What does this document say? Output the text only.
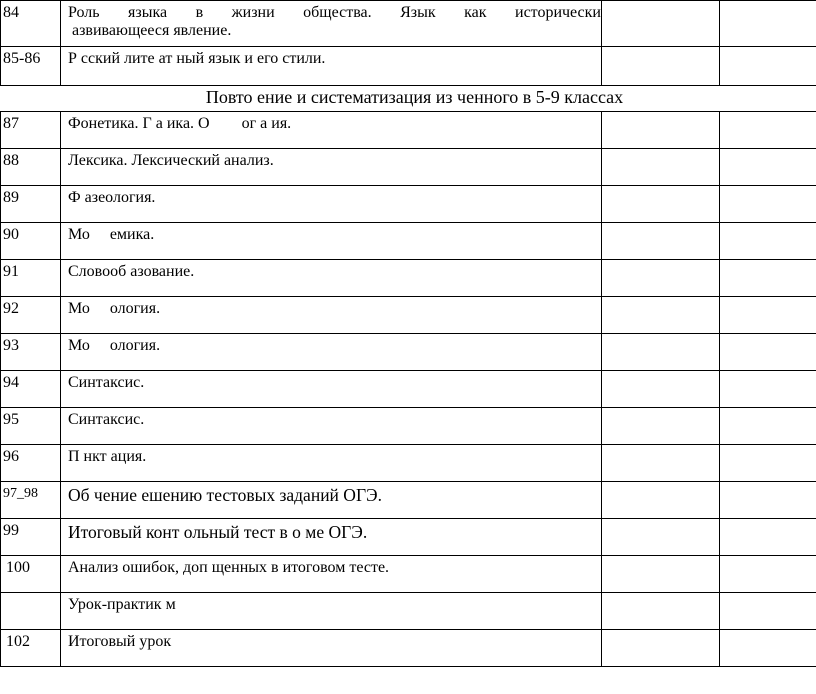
84	Роль языка в жизни общества. Язык как исторически
азвивающееся явление.		

85-86	Р сский лите ат ный язык и его стили.		
Повто ение и систематизация из ченного в 5-9 классах			
87	Фонетика. Г а ика. О        ог а ия.		
88	Лексика. Лексический анализ.		
89	Ф азеология.		
90	Мо     емика.		
91	Словооб азование.		
92	Мо     ология.		
93	Мо     ология.		
94	Синтаксис.		
95	Синтаксис.		
96	П нкт ация.		
97_98	Об чение ешению тестовых заданий ОГЭ.		
99	Итоговый конт ольный тест в о ме ОГЭ.		
100	Анализ ошибок, доп щенных в итоговом тесте.		
	Урок-практик м		
102	Итоговый урок		
